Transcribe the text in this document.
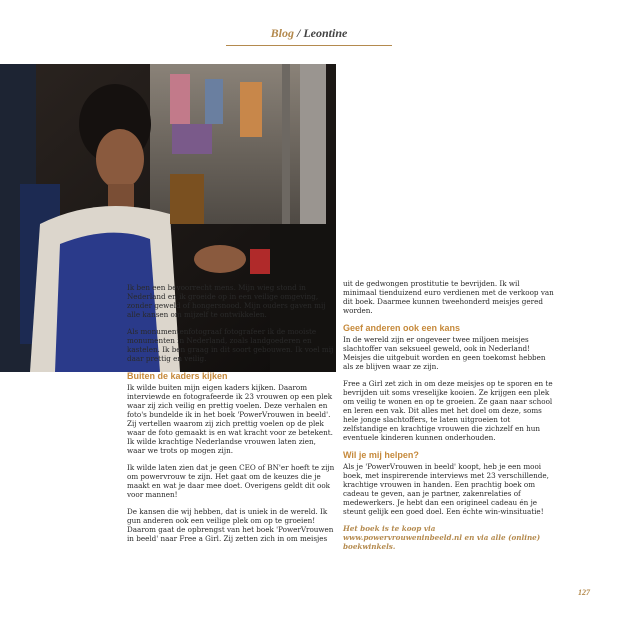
Blog / Leontine

Ik ben een bevoorrecht mens. Mijn wieg stond in Nederland en ik groeide op in een veilige omgeving, zonder geweld of hongersnood. Mijn ouders gaven mij alle kansen om mijzelf te ontwikkelen.

Als monumentenfotograaf fotografeer ik de mooiste monumenten in Nederland, zoals landgoederen en kastelen. Ik ben graag in dit soort gebouwen. Ik voel mij daar prettig en veilig.

Buiten de kaders kijken

Ik wilde buiten mijn eigen kaders kijken. Daarom interviewde en fotografeerde ik 23 vrouwen op een plek waar zij zich veilig en prettig voelen. Deze verhalen en foto's bundelde ik in het boek 'PowerVrouwen in beeld'. Zij vertellen waarom zij zich prettig voelen op de plek waar de foto gemaakt is en wat kracht voor ze betekent. Ik wilde krachtige Nederlandse vrouwen laten zien, waar we trots op mogen zijn.

Ik wilde laten zien dat je geen CEO of BN'er hoeft te zijn om powervrouw te zijn. Het gaat om de keuzes die je maakt en wat je daar mee doet. Overigens geldt dit ook voor mannen!

De kansen die wij hebben, dat is uniek in de wereld. Ik gun anderen ook een veilige plek om op te groeien! Daarom gaat de opbrengst van het boek 'PowerVrouwen in beeld' naar Free a Girl. Zij zetten zich in om meisjes

uit de gedwongen prostitutie te bevrijden. Ik wil minimaal tienduizend euro verdienen met de verkoop van dit boek. Daarmee kunnen tweehonderd meisjes gered worden.

Geef anderen ook een kans

In de wereld zijn er ongeveer twee miljoen meisjes slachtoffer van seksueel geweld, ook in Nederland! Meisjes die uitgebuit worden en geen toekomst hebben als ze blijven waar ze zijn.

Free a Girl zet zich in om deze meisjes op te sporen en te bevrijden uit soms vreselijke kooien. Ze krijgen een plek om veilig te wonen en op te groeien. Ze gaan naar school en leren een vak. Dit alles met het doel om deze, soms hele jonge slachtoffers, te laten uitgroeien tot zelfstandige en krachtige vrouwen die zichzelf en hun eventuele kinderen kunnen onderhouden.

Wil je mij helpen?

Als je 'PowerVrouwen in beeld' koopt, heb je een mooi boek, met inspirerende interviews met 23 verschillende, krachtige vrouwen in handen. Een prachtig boek om cadeau te geven, aan je partner, zakenrelaties of medewerkers. Je hebt dan een origineel cadeau én je steunt gelijk een goed doel. Een échte win-winsituatie!

Het boek is te koop via www.powervrouweninbeeld.nl en via alle (online) boekwinkels.

127
